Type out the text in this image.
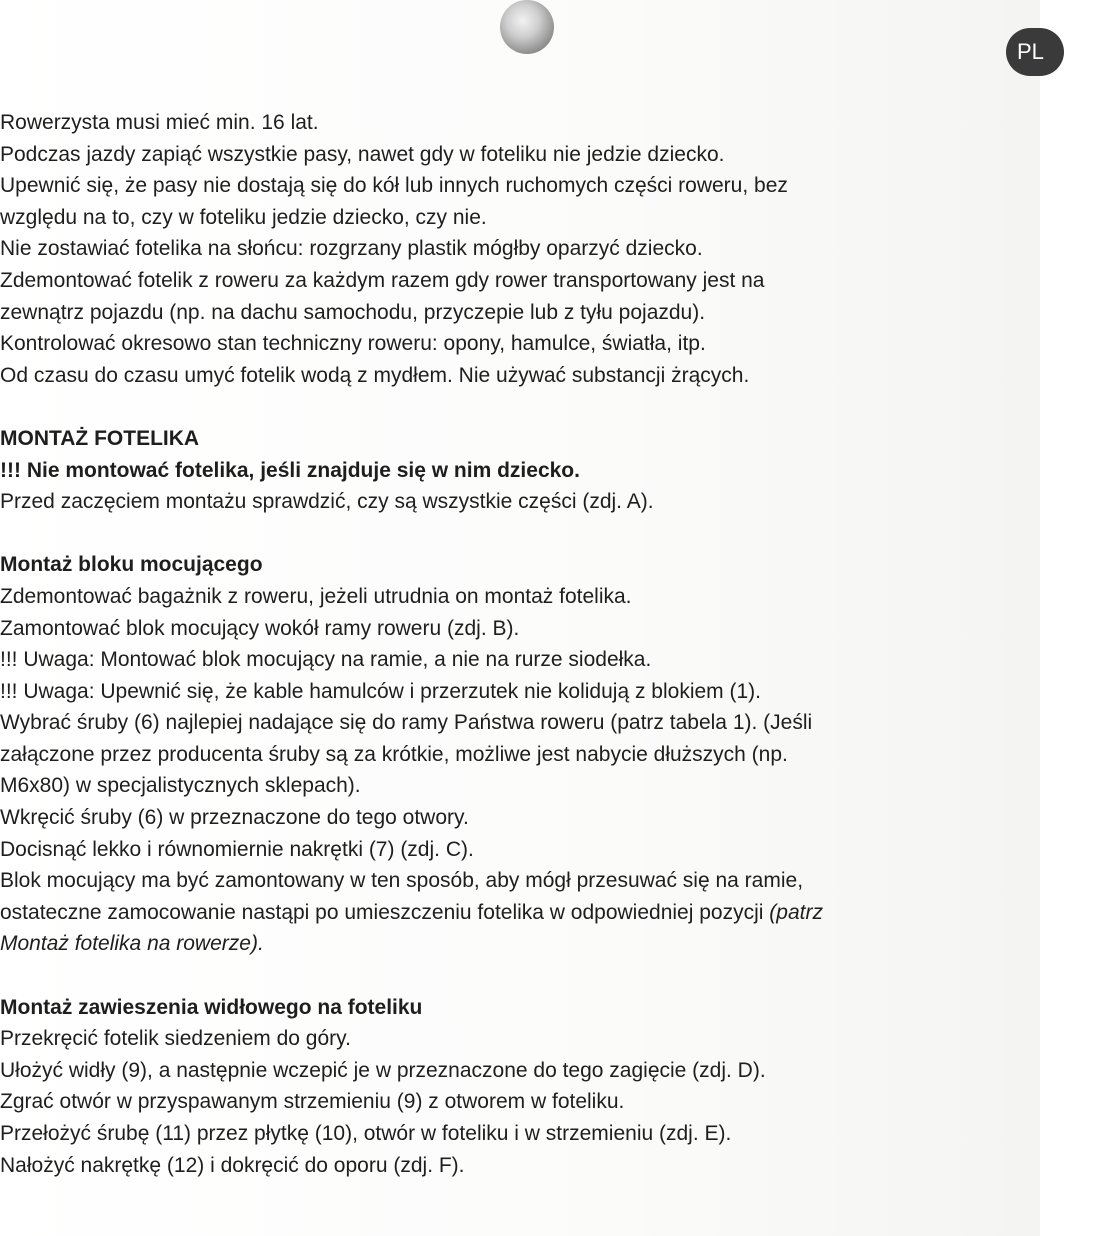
PL
Rowerzysta musi mieć min. 16 lat.
Podczas jazdy zapiąć wszystkie pasy, nawet gdy w foteliku nie jedzie dziecko.
Upewnić się, że pasy nie dostają się do kół lub innych ruchomych części roweru, bez
względu na to, czy w foteliku jedzie dziecko, czy nie.
Nie zostawiać fotelika na słońcu: rozgrzany plastik mógłby oparzyć dziecko.
Zdemontować fotelik z roweru za każdym razem gdy rower transportowany jest na
zewnątrz pojazdu (np. na dachu samochodu, przyczepie lub z tyłu pojazdu).
Kontrolować okresowo stan techniczny roweru: opony, hamulce, światła, itp.
Od czasu do czasu umyć fotelik wodą z mydłem. Nie używać substancji żrących.
MONTAŻ FOTELIKA
!!! Nie montować fotelika, jeśli znajduje się w nim dziecko.
Przed zaczęciem montażu sprawdzić, czy są wszystkie części (zdj. A).
Montaż bloku mocującego
Zdemontować bagażnik z roweru, jeżeli utrudnia on montaż fotelika.
Zamontować blok mocujący wokół ramy roweru (zdj. B).
!!! Uwaga: Montować blok mocujący na ramie, a nie na rurze siodełka.
!!! Uwaga: Upewnić się, że kable hamulców i przerzutek nie kolidują z blokiem (1).
Wybrać śruby (6) najlepiej nadające się do ramy Państwa roweru (patrz tabela 1). (Jeśli
załączone przez producenta śruby są za krótkie, możliwe jest nabycie dłuższych (np.
M6x80) w specjalistycznych sklepach).
Wkręcić śruby (6) w przeznaczone do tego otwory.
Docisnąć lekko i równomiernie nakrętki (7) (zdj. C).
Blok mocujący ma być zamontowany w ten sposób, aby mógł przesuwać się na ramie,
ostateczne zamocowanie nastąpi po umieszczeniu fotelika w odpowiedniej pozycji (patrz
Montaż fotelika na rowerze).
Montaż zawieszenia widłowego na foteliku
Przekręcić fotelik siedzeniem do góry.
Ułożyć widły (9), a następnie wczepić je w przeznaczone do tego zagięcie (zdj. D).
Zgrać otwór w przyspawanym strzemieniu (9) z otworem w foteliku.
Przełożyć śrubę (11) przez płytkę (10), otwór w foteliku i w strzemieniu (zdj. E).
Nałożyć nakrętkę (12) i dokręcić do oporu (zdj. F).
